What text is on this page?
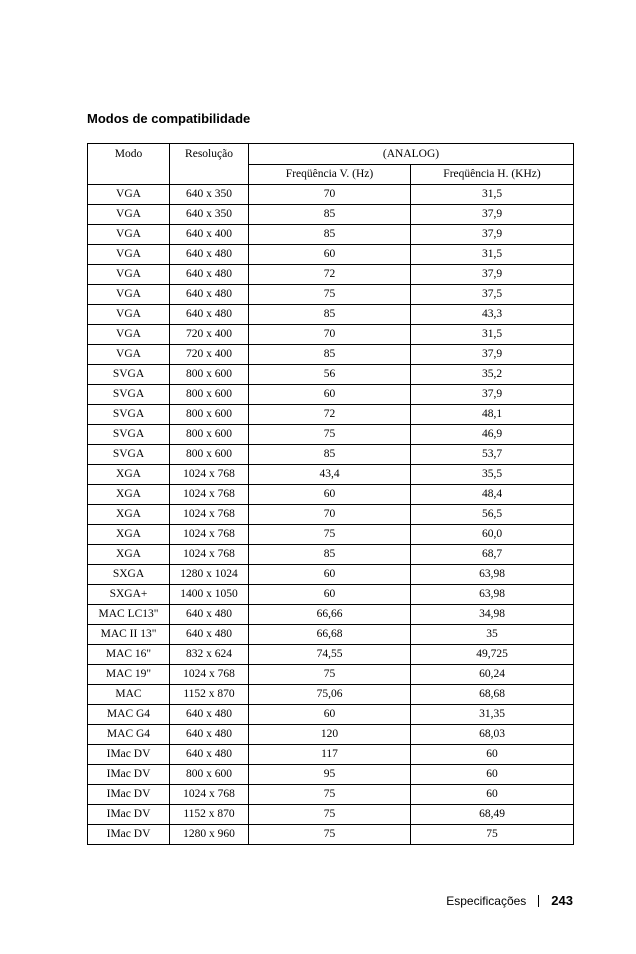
Modos de compatibilidade
Modo	Resolução	(ANALOG)	
		Freqüência V. (Hz)	Freqüência H. (KHz)
VGA	640 x 350	70	31,5
VGA	640 x 350	85	37,9
VGA	640 x 400	85	37,9
VGA	640 x 480	60	31,5
VGA	640 x 480	72	37,9
VGA	640 x 480	75	37,5
VGA	640 x 480	85	43,3
VGA	720 x 400	70	31,5
VGA	720 x 400	85	37,9
SVGA	800 x 600	56	35,2
SVGA	800 x 600	60	37,9
SVGA	800 x 600	72	48,1
SVGA	800 x 600	75	46,9
SVGA	800 x 600	85	53,7
XGA	1024 x 768	43,4	35,5
XGA	1024 x 768	60	48,4
XGA	1024 x 768	70	56,5
XGA	1024 x 768	75	60,0
XGA	1024 x 768	85	68,7
SXGA	1280 x 1024	60	63,98
SXGA+	1400 x 1050	60	63,98
MAC LC13"	640 x 480	66,66	34,98
MAC II 13"	640 x 480	66,68	35
MAC 16"	832 x 624	74,55	49,725
MAC 19"	1024 x 768	75	60,24
MAC	1152 x 870	75,06	68,68
MAC G4	640 x 480	60	31,35
MAC G4	640 x 480	120	68,03
IMac DV	640 x 480	117	60
IMac DV	800 x 600	95	60
IMac DV	1024 x 768	75	60
IMac DV	1152 x 870	75	68,49
IMac DV	1280 x 960	75	75
Especificações 243
